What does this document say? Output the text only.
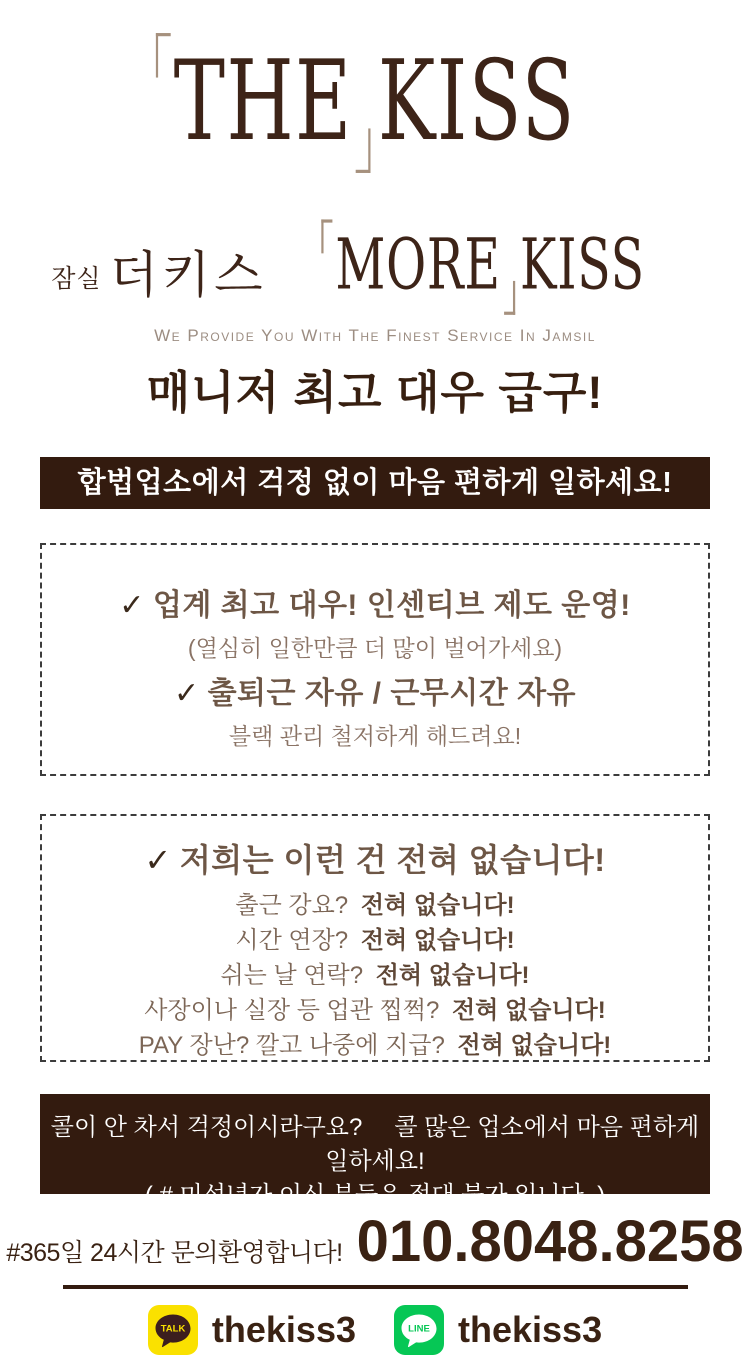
THE KISS
잠실 더키스 MORE KISS
We Provide You With The Finest Service In Jamsil
매니저 최고 대우 급구!
합법업소에서 걱정 없이 마음 편하게 일하세요!
✓ 업계 최고 대우! 인센티브 제도 운영!
(열심히 일한만큼 더 많이 벌어가세요)
✓ 출퇴근 자유 / 근무시간 자유
블랙 관리 철저하게 해드려요!
✓ 저희는 이런 건 전혀 없습니다!
출근 강요? 전혀 없습니다!
시간 연장? 전혀 없습니다!
쉬는 날 연락? 전혀 없습니다!
사장이나 실장 등 업관 찝쩍? 전혀 없습니다!
PAY 장난? 깔고 나중에 지급? 전혀 없습니다!
콜이 안 차서 걱정이시라구요? 콜 많은 업소에서 마음 편하게 일하세요!
( # 미성년자 이신 분들은 절대 불가 입니다. )
#365일 24시간 문의환영합니다! 010.8048.8258
TALK thekiss3	LINE thekiss3
